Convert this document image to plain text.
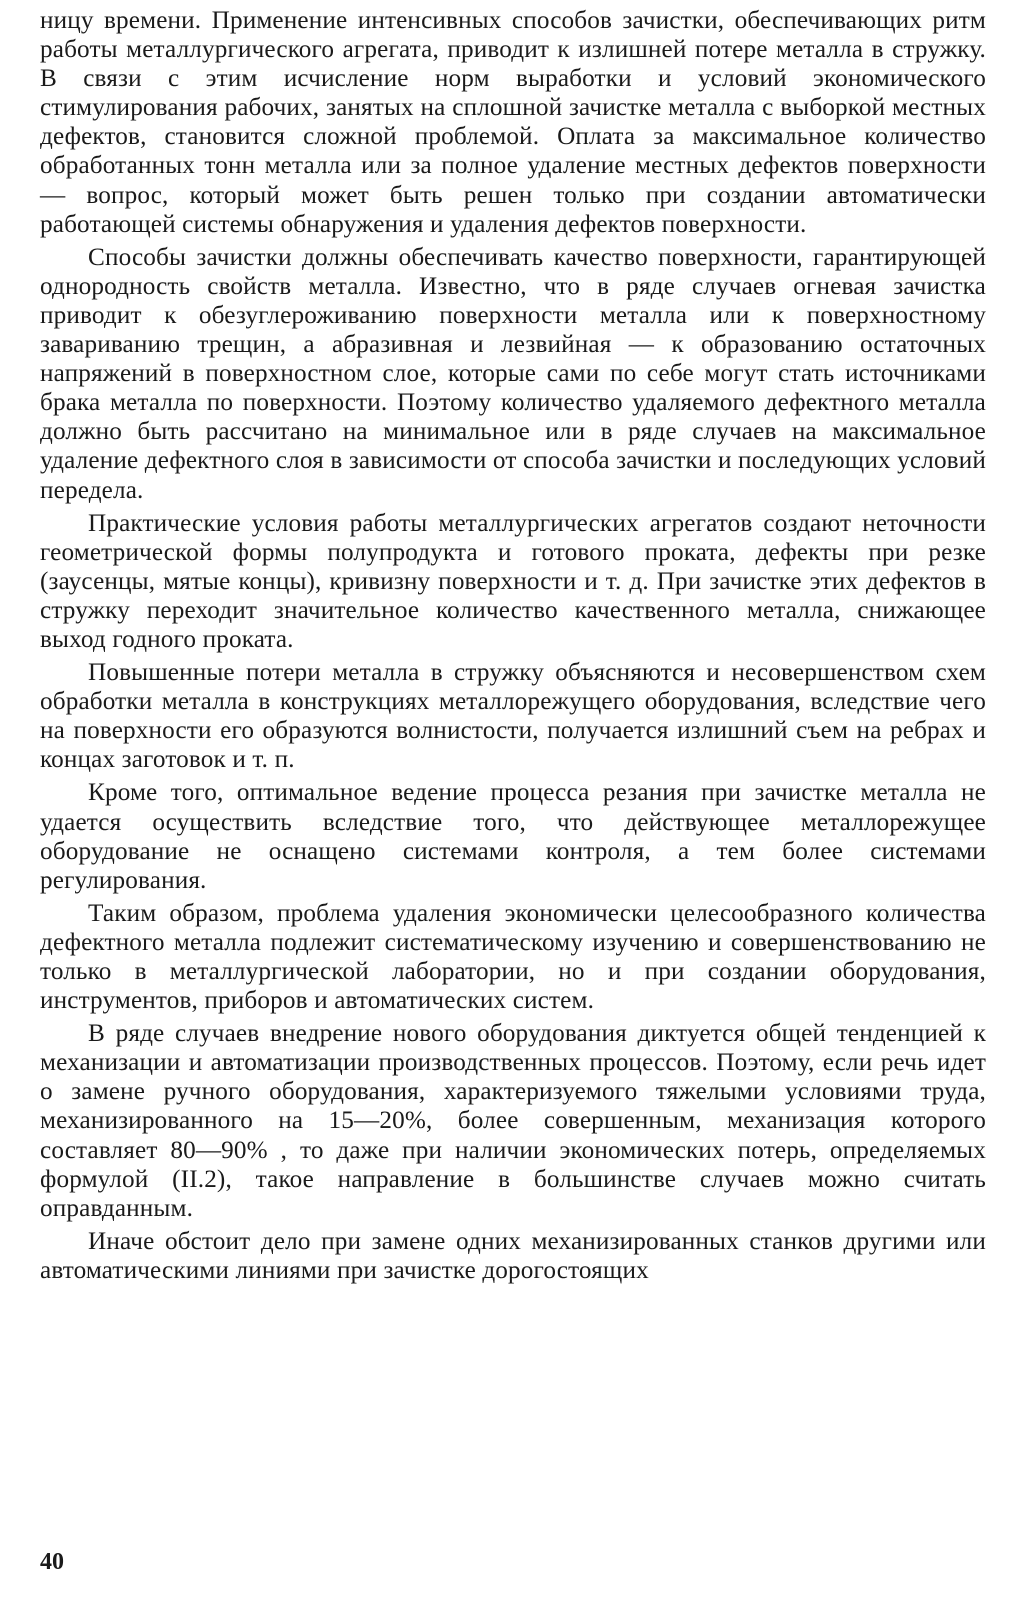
ницу времени. Применение интенсивных способов зачистки, обеспечивающих ритм работы металлургического агрегата, приводит к излишней потере металла в стружку. В связи с этим исчисление норм выработки и условий экономического стимулирования рабочих, занятых на сплошной зачистке металла с выборкой местных дефектов, становится сложной проблемой. Оплата за максимальное количество обработанных тонн металла или за полное удаление местных дефектов поверхности — вопрос, который может быть решен только при создании автоматически работающей системы обнаружения и удаления дефектов поверхности.

Способы зачистки должны обеспечивать качество поверхности, гарантирующей однородность свойств металла. Известно, что в ряде случаев огневая зачистка приводит к обезуглероживанию поверхности металла или к поверхностному завариванию трещин, а абразивная и лезвийная — к образованию остаточных напряжений в поверхностном слое, которые сами по себе могут стать источниками брака металла по поверхности. Поэтому количество удаляемого дефектного металла должно быть рассчитано на минимальное или в ряде случаев на максимальное удаление дефектного слоя в зависимости от способа зачистки и последующих условий передела.

Практические условия работы металлургических агрегатов создают неточности геометрической формы полупродукта и готового проката, дефекты при резке (заусенцы, мятые концы), кривизну поверхности и т. д. При зачистке этих дефектов в стружку переходит значительное количество качественного металла, снижающее выход годного проката.

Повышенные потери металла в стружку объясняются и несовершенством схем обработки металла в конструкциях металлорежущего оборудования, вследствие чего на поверхности его образуются волнистости, получается излишний съем на ребрах и концах заготовок и т. п.

Кроме того, оптимальное ведение процесса резания при зачистке металла не удается осуществить вследствие того, что действующее металлорежущее оборудование не оснащено системами контроля, а тем более системами регулирования.

Таким образом, проблема удаления экономически целесообразного количества дефектного металла подлежит систематическому изучению и совершенствованию не только в металлургической лаборатории, но и при создании оборудования, инструментов, приборов и автоматических систем.

В ряде случаев внедрение нового оборудования диктуется общей тенденцией к механизации и автоматизации производственных процессов. Поэтому, если речь идет о замене ручного оборудования, характеризуемого тяжелыми условиями труда, механизированного на 15—20%, более совершенным, механизация которого составляет 80—90% , то даже при наличии экономических потерь, определяемых формулой (II.2), такое направление в большинстве случаев можно считать оправданным.

Иначе обстоит дело при замене одних механизированных станков другими или автоматическими линиями при зачистке дорогостоящих

40
